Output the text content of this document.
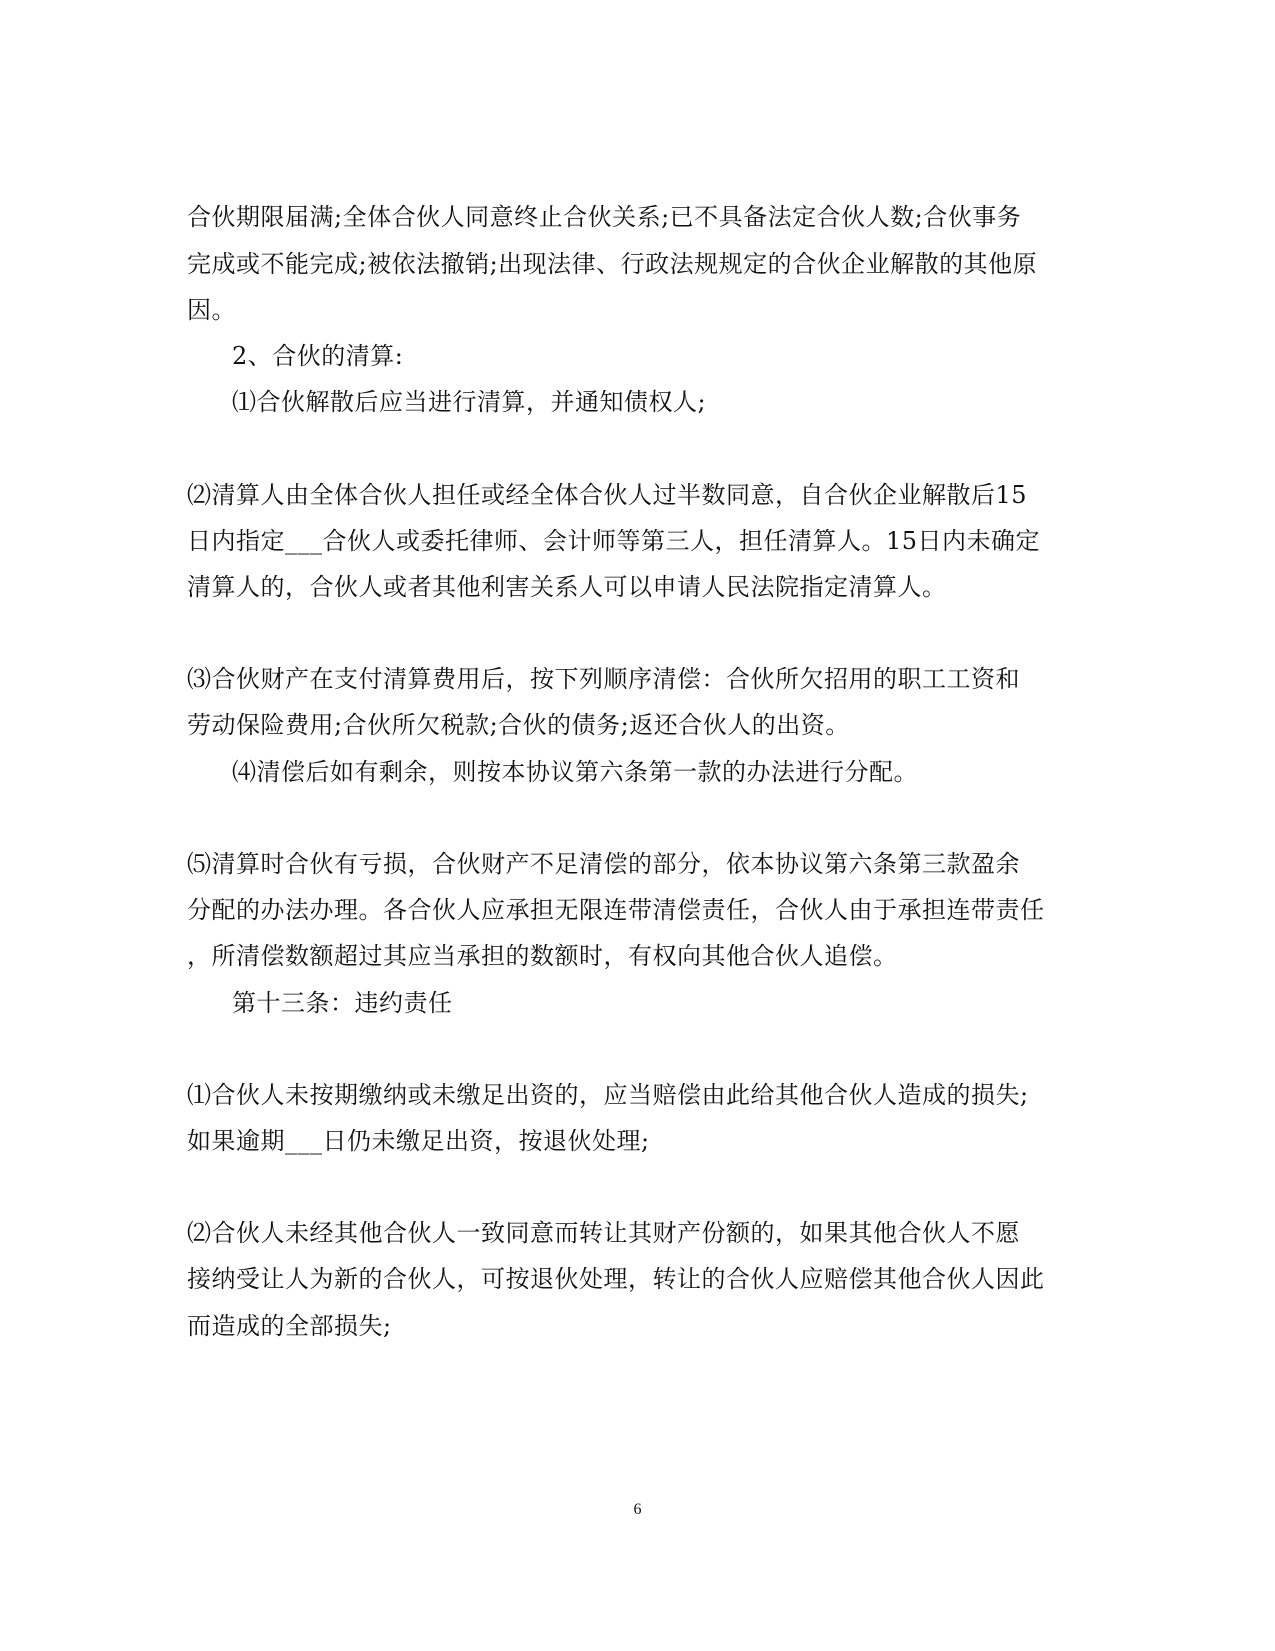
合伙期限届满;全体合伙人同意终止合伙关系;已不具备法定合伙人数;合伙事务
完成或不能完成;被依法撤销;出现法律、行政法规规定的合伙企业解散的其他原
因。
2、合伙的清算:
⑴合伙解散后应当进行清算，并通知债权人;
⑵清算人由全体合伙人担任或经全体合伙人过半数同意，自合伙企业解散后15
日内指定___合伙人或委托律师、会计师等第三人，担任清算人。15日内未确定
清算人的，合伙人或者其他利害关系人可以申请人民法院指定清算人。
⑶合伙财产在支付清算费用后，按下列顺序清偿：合伙所欠招用的职工工资和
劳动保险费用;合伙所欠税款;合伙的债务;返还合伙人的出资。
⑷清偿后如有剩余，则按本协议第六条第一款的办法进行分配。
⑸清算时合伙有亏损，合伙财产不足清偿的部分，依本协议第六条第三款盈余
分配的办法办理。各合伙人应承担无限连带清偿责任，合伙人由于承担连带责任
，所清偿数额超过其应当承担的数额时，有权向其他合伙人追偿。
第十三条：违约责任
⑴合伙人未按期缴纳或未缴足出资的，应当赔偿由此给其他合伙人造成的损失;
如果逾期___日仍未缴足出资，按退伙处理;
⑵合伙人未经其他合伙人一致同意而转让其财产份额的，如果其他合伙人不愿
接纳受让人为新的合伙人，可按退伙处理，转让的合伙人应赔偿其他合伙人因此
而造成的全部损失;
6
